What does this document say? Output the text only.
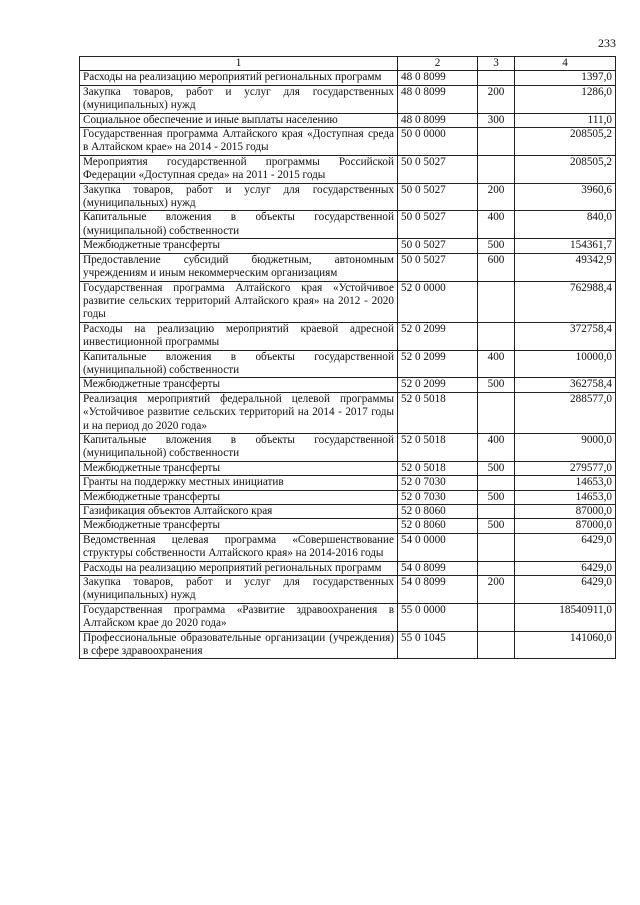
233
1	2	3	4
Расходы на реализацию мероприятий региональных программ	48 0 8099		1397,0
Закупка товаров, работ и услуг для государственных (муниципальных) нужд	48 0 8099	200	1286,0
Социальное обеспечение и иные выплаты населению	48 0 8099	300	111,0
Государственная программа Алтайского края «Доступная среда в Алтайском крае» на 2014 - 2015 годы	50 0 0000		208505,2
Мероприятия государственной программы Российской Федерации «Доступная среда» на 2011 - 2015 годы	50 0 5027		208505,2
Закупка товаров, работ и услуг для государственных (муниципальных) нужд	50 0 5027	200	3960,6
Капитальные вложения в объекты государственной (муниципальной) собственности	50 0 5027	400	840,0
Межбюджетные трансферты	50 0 5027	500	154361,7
Предоставление субсидий бюджетным, автономным учреждениям и иным некоммерческим организациям	50 0 5027	600	49342,9
Государственная программа Алтайского края «Устойчивое развитие сельских территорий Алтайского края» на 2012 - 2020 годы	52 0 0000		762988,4
Расходы на реализацию мероприятий краевой адресной инвестиционной программы	52 0 2099		372758,4
Капитальные вложения в объекты государственной (муниципальной) собственности	52 0 2099	400	10000,0
Межбюджетные трансферты	52 0 2099	500	362758,4
Реализация мероприятий федеральной целевой программы «Устойчивое развитие сельских территорий на 2014 - 2017 годы и на период до 2020 года»	52 0 5018		288577,0
Капитальные вложения в объекты государственной (муниципальной) собственности	52 0 5018	400	9000,0
Межбюджетные трансферты	52 0 5018	500	279577,0
Гранты на поддержку местных инициатив	52 0 7030		14653,0
Межбюджетные трансферты	52 0 7030	500	14653,0
Газификация объектов Алтайского края	52 0 8060		87000,0
Межбюджетные трансферты	52 0 8060	500	87000,0
Ведомственная целевая программа «Совершенствование структуры собственности Алтайского края» на 2014-2016 годы	54 0 0000		6429,0
Расходы на реализацию мероприятий региональных программ	54 0 8099		6429,0
Закупка товаров, работ и услуг для государственных (муниципальных) нужд	54 0 8099	200	6429,0
Государственная программа «Развитие здравоохранения в Алтайском крае до 2020 года»	55 0 0000		18540911,0
Профессиональные образовательные организации (учреждения) в сфере здравоохранения	55 0 1045		141060,0
